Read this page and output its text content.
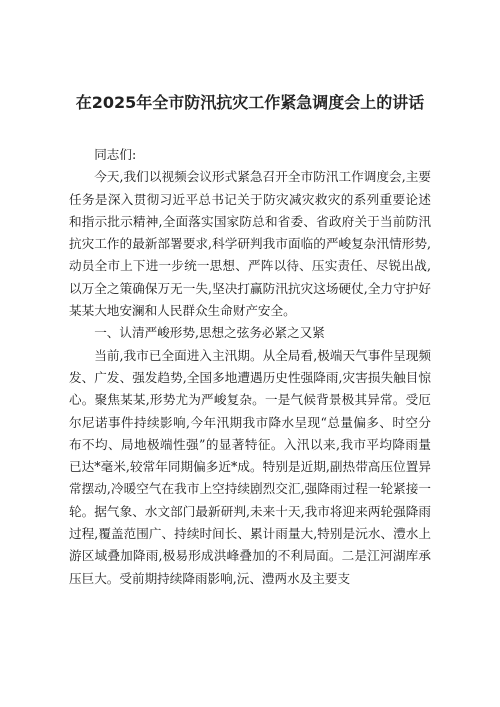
在2025年全市防汛抗灾工作紧急调度会上的讲话

同志们:

今天,我们以视频会议形式紧急召开全市防汛工作调度会,主要任务是深入贯彻习近平总书记关于防灾减灾救灾的系列重要论述和指示批示精神,全面落实国家防总和省委、省政府关于当前防汛抗灾工作的最新部署要求,科学研判我市面临的严峻复杂汛情形势,动员全市上下进一步统一思想、严阵以待、压实责任、尽锐出战,以万全之策确保万无一失,坚决打赢防汛抗灾这场硬仗,全力守护好某某大地安澜和人民群众生命财产安全。

一、认清严峻形势,思想之弦务必紧之又紧

当前,我市已全面进入主汛期。从全局看,极端天气事件呈现频发、广发、强发趋势,全国多地遭遇历史性强降雨,灾害损失触目惊心。聚焦某某,形势尤为严峻复杂。一是气候背景极其异常。受厄尔尼诺事件持续影响,今年汛期我市降水呈现“总量偏多、时空分布不均、局地极端性强”的显著特征。入汛以来,我市平均降雨量已达*毫米,较常年同期偏多近*成。特别是近期,副热带高压位置异常摆动,冷暖空气在我市上空持续剧烈交汇,强降雨过程一轮紧接一轮。据气象、水文部门最新研判,未来十天,我市将迎来两轮强降雨过程,覆盖范围广、持续时间长、累计雨量大,特别是沅水、澧水上游区域叠加降雨,极易形成洪峰叠加的不利局面。二是江河湖库承压巨大。受前期持续降雨影响,沅、澧两水及主要支
